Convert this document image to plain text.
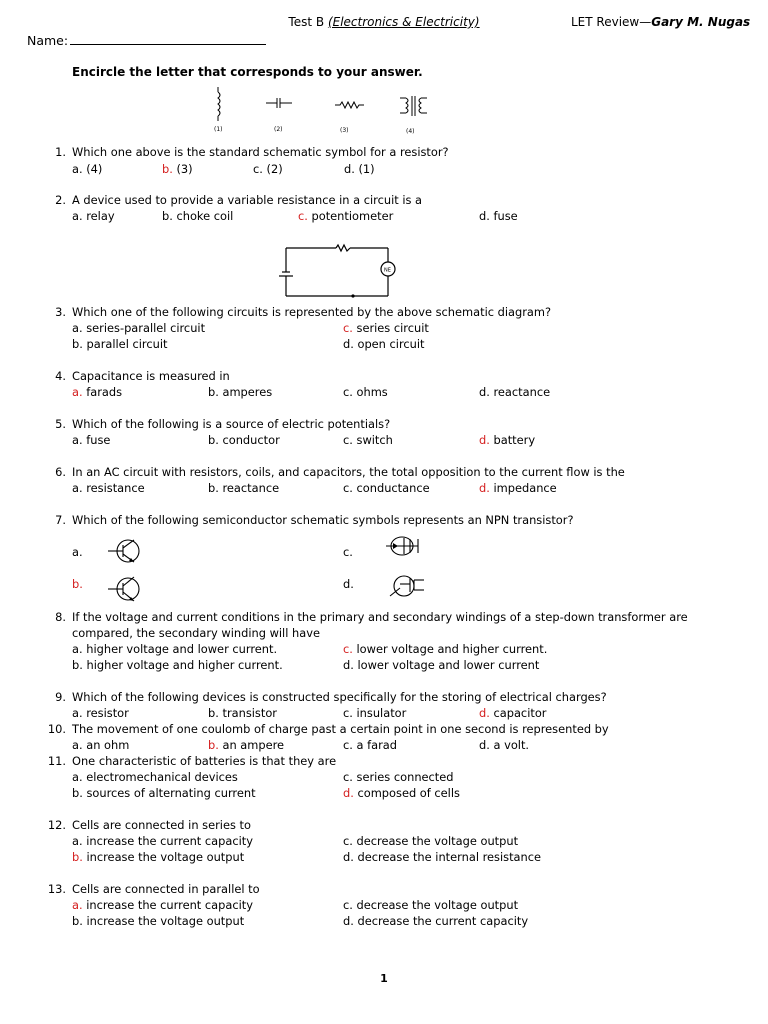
Test B (Electronics & Electricity)	LET Review—Gary M. Nugas
Name:
Encircle the letter that corresponds to your answer.
(1)	(2)	(3)	(4)
NE
1. Which one above is the standard schematic symbol for a resistor?
a. (4)	b. (3)	c. (2)	d. (1)
2. A device used to provide a variable resistance in a circuit is a
a. relay	b. choke coil	c. potentiometer	d. fuse
3. Which one of the following circuits is represented by the above schematic diagram?
a. series-parallel circuit	c. series circuit
b. parallel circuit	d. open circuit
4. Capacitance is measured in
a. farads	b. amperes	c. ohms	d. reactance
5. Which of the following is a source of electric potentials?
a. fuse	b. conductor	c. switch	d. battery
6. In an AC circuit with resistors, coils, and capacitors, the total opposition to the current flow is the
a. resistance	b. reactance	c. conductance	d. impedance
7. Which of the following semiconductor schematic symbols represents an NPN transistor?
a.	c.
b.	d.
8. If the voltage and current conditions in the primary and secondary windings of a step-down transformer are
compared, the secondary winding will have
a. higher voltage and lower current.	c. lower voltage and higher current.
b. higher voltage and higher current.	d. lower voltage and lower current
9. Which of the following devices is constructed specifically for the storing of electrical charges?
a. resistor	b. transistor	c. insulator	d. capacitor
10. The movement of one coulomb of charge past a certain point in one second is represented by
a. an ohm	b. an ampere	c. a farad	d. a volt.
11. One characteristic of batteries is that they are
a. electromechanical devices	c. series connected
b. sources of alternating current	d. composed of cells
12. Cells are connected in series to
a. increase the current capacity	c. decrease the voltage output
b. increase the voltage output	d. decrease the internal resistance
13. Cells are connected in parallel to
a. increase the current capacity	c. decrease the voltage output
b. increase the voltage output	d. decrease the current capacity
1
